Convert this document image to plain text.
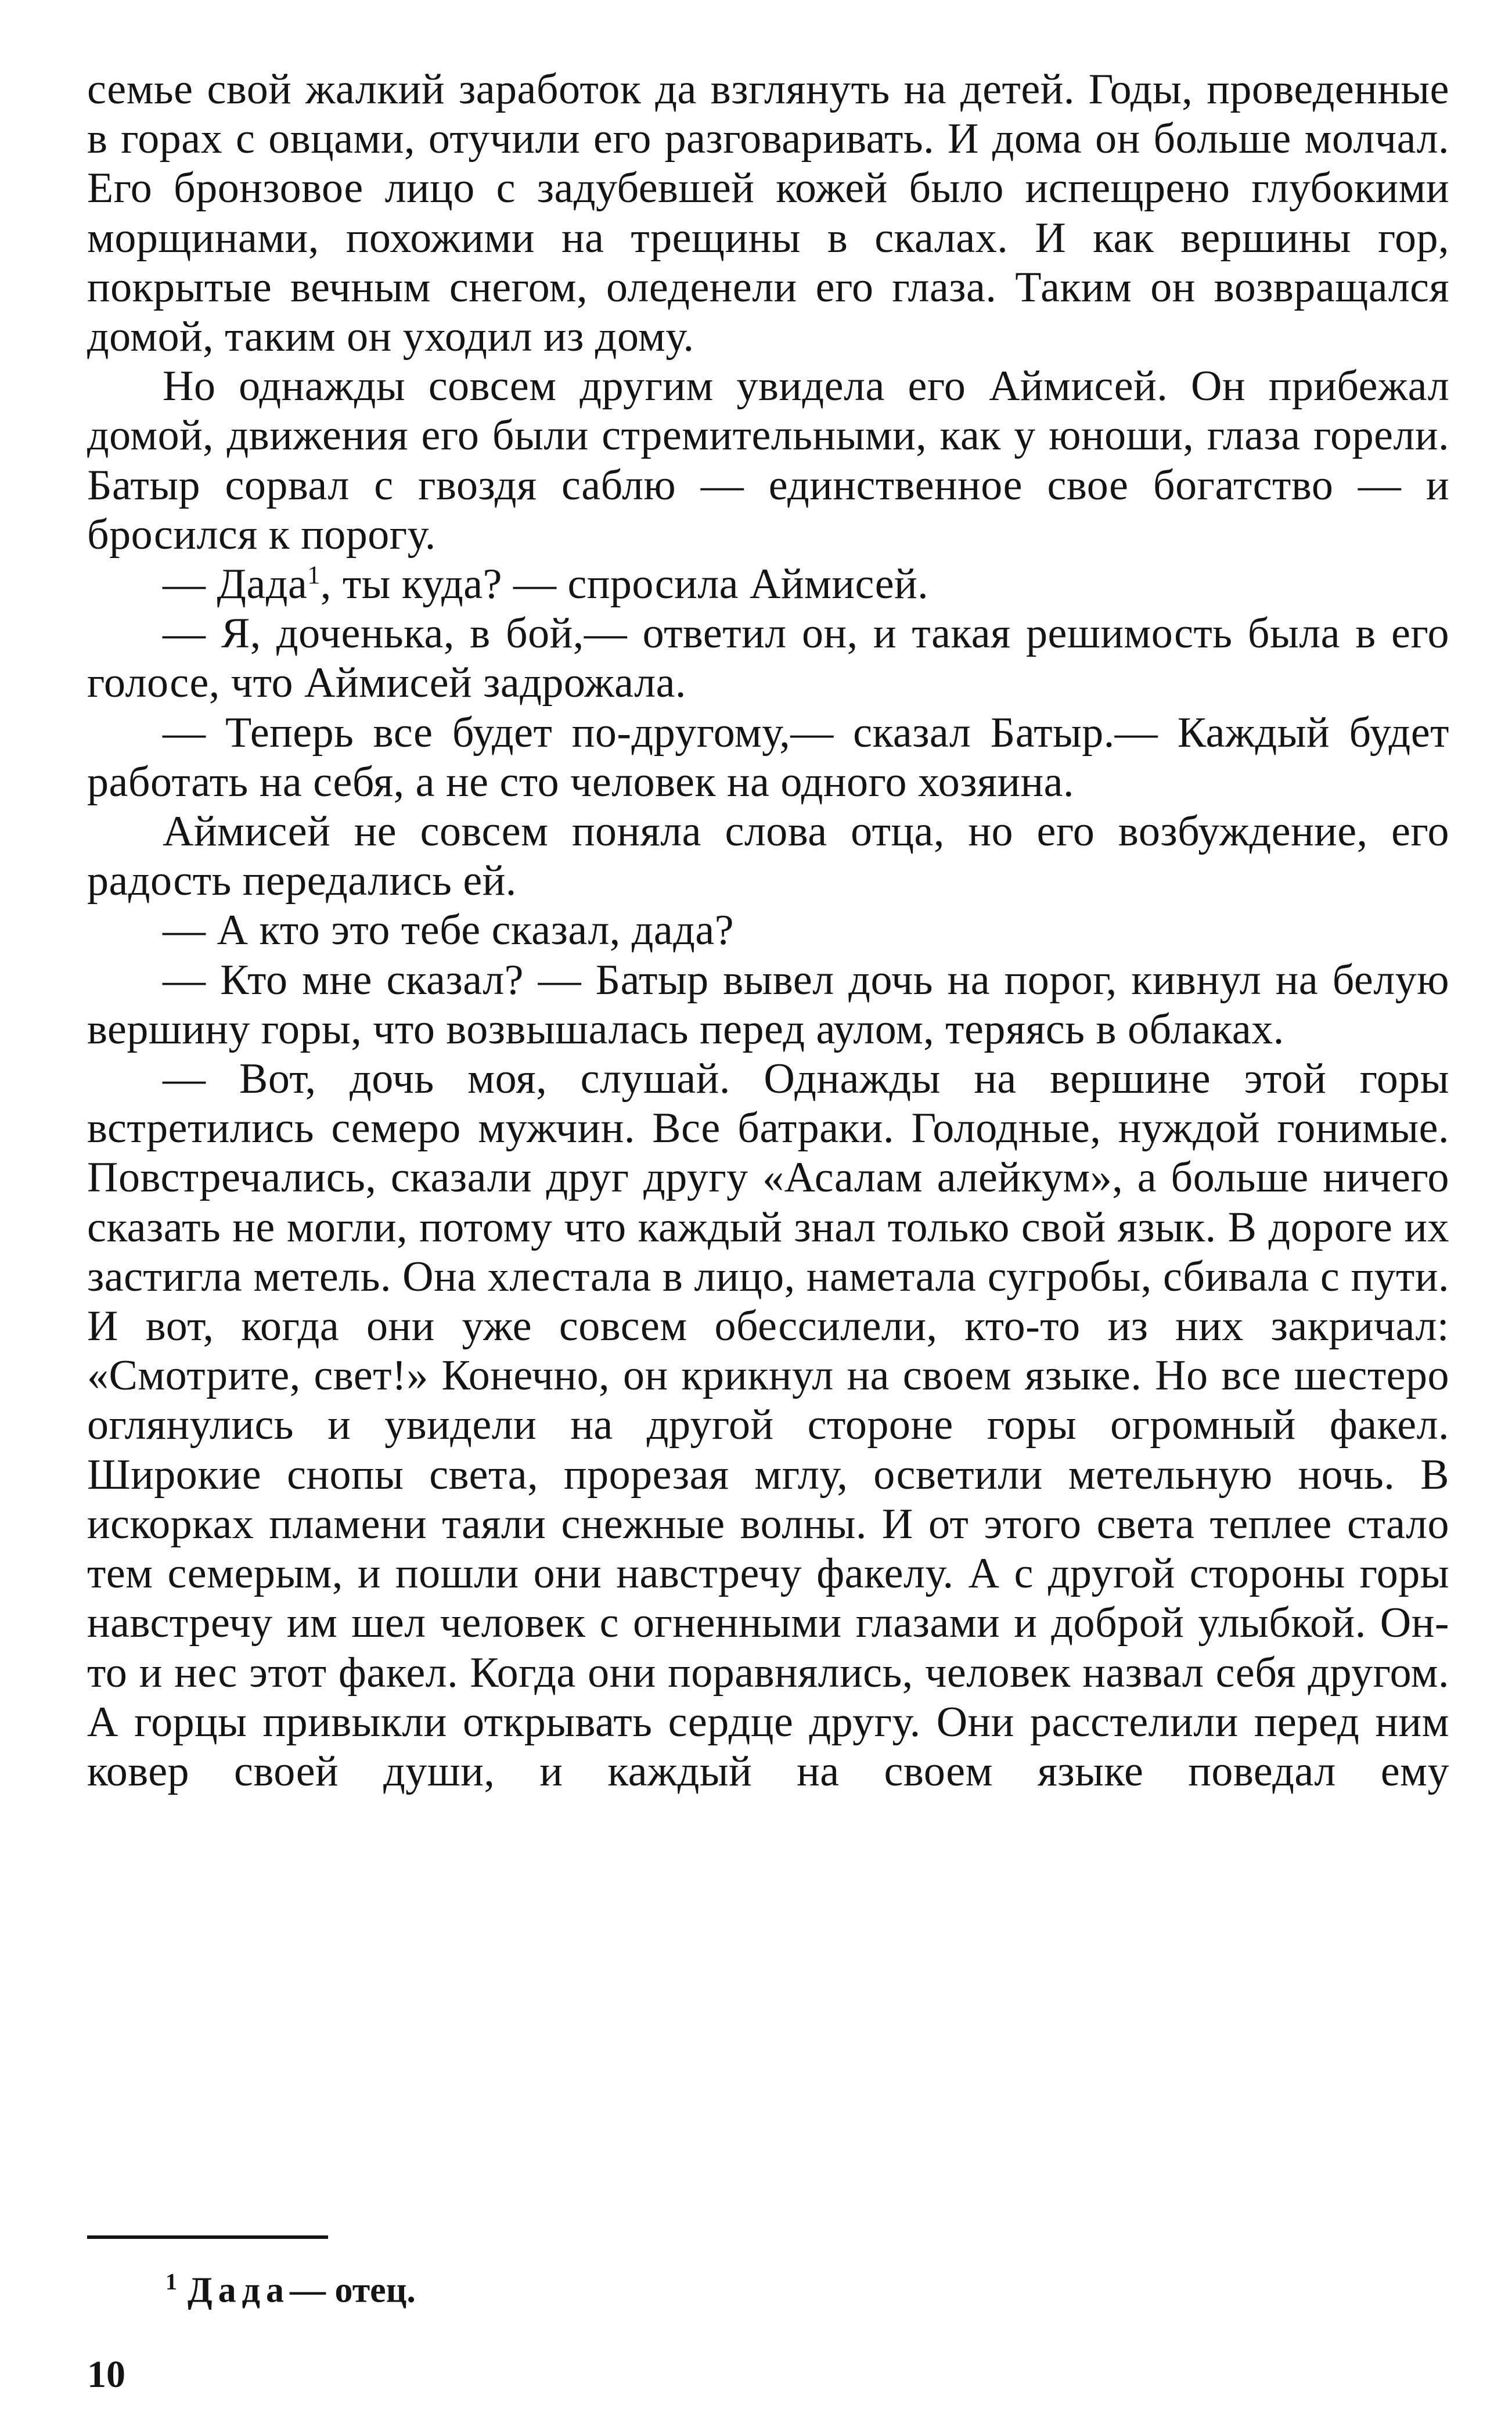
семье свой жалкий заработок да взглянуть на детей. Годы, проведенные в горах с овцами, отучили его разговаривать. И дома он больше молчал. Его бронзовое лицо с задубевшей кожей было испещрено глубокими морщинами, похожими на трещины в скалах. И как вершины гор, покрытые вечным снегом, оледенели его глаза. Таким он возвращался домой, таким он уходил из дому.

Но однажды совсем другим увидела его Аймисей. Он прибежал домой, движения его были стремительными, как у юноши, глаза горели. Батыр сорвал с гвоздя саблю — единственное свое богатство — и бросился к порогу.

— Дада$^1$, ты куда? — спросила Аймисей.

— Я, доченька, в бой,— ответил он, и такая решимость была в его голосе, что Аймисей задрожала.

— Теперь все будет по-другому,— сказал Батыр.— Каждый будет работать на себя, а не сто человек на одного хозяина.

Аймисей не совсем поняла слова отца, но его возбуждение, его радость передались ей.

— А кто это тебе сказал, дада?

— Кто мне сказал? — Батыр вывел дочь на порог, кивнул на белую вершину горы, что возвышалась перед аулом, теряясь в облаках.

— Вот, дочь моя, слушай. Однажды на вершине этой горы встретились семеро мужчин. Все батраки. Голодные, нуждой гонимые. Повстречались, сказали друг другу «Асалам алейкум», а больше ничего сказать не могли, потому что каждый знал только свой язык. В дороге их застигла метель. Она хлестала в лицо, наметала сугробы, сбивала с пути. И вот, когда они уже совсем обессилели, кто-то из них закричал: «Смотрите, свет!» Конечно, он крикнул на своем языке. Но все шестеро оглянулись и увидели на другой стороне горы огромный факел. Широкие снопы света, прорезая мглу, осветили метельную ночь. В искорках пламени таяли снежные волны. И от этого света теплее стало тем семерым, и пошли они навстречу факелу. А с другой стороны горы навстречу им шел человек с огненными глазами и доброй улыбкой. Он-то и нес этот факел. Когда они поравнялись, человек назвал себя другом. А горцы привыкли открывать сердце другу. Они расстелили перед ним ковер своей души, и каждый на своем языке поведал ему

$^1$ Дада— отец.
10
